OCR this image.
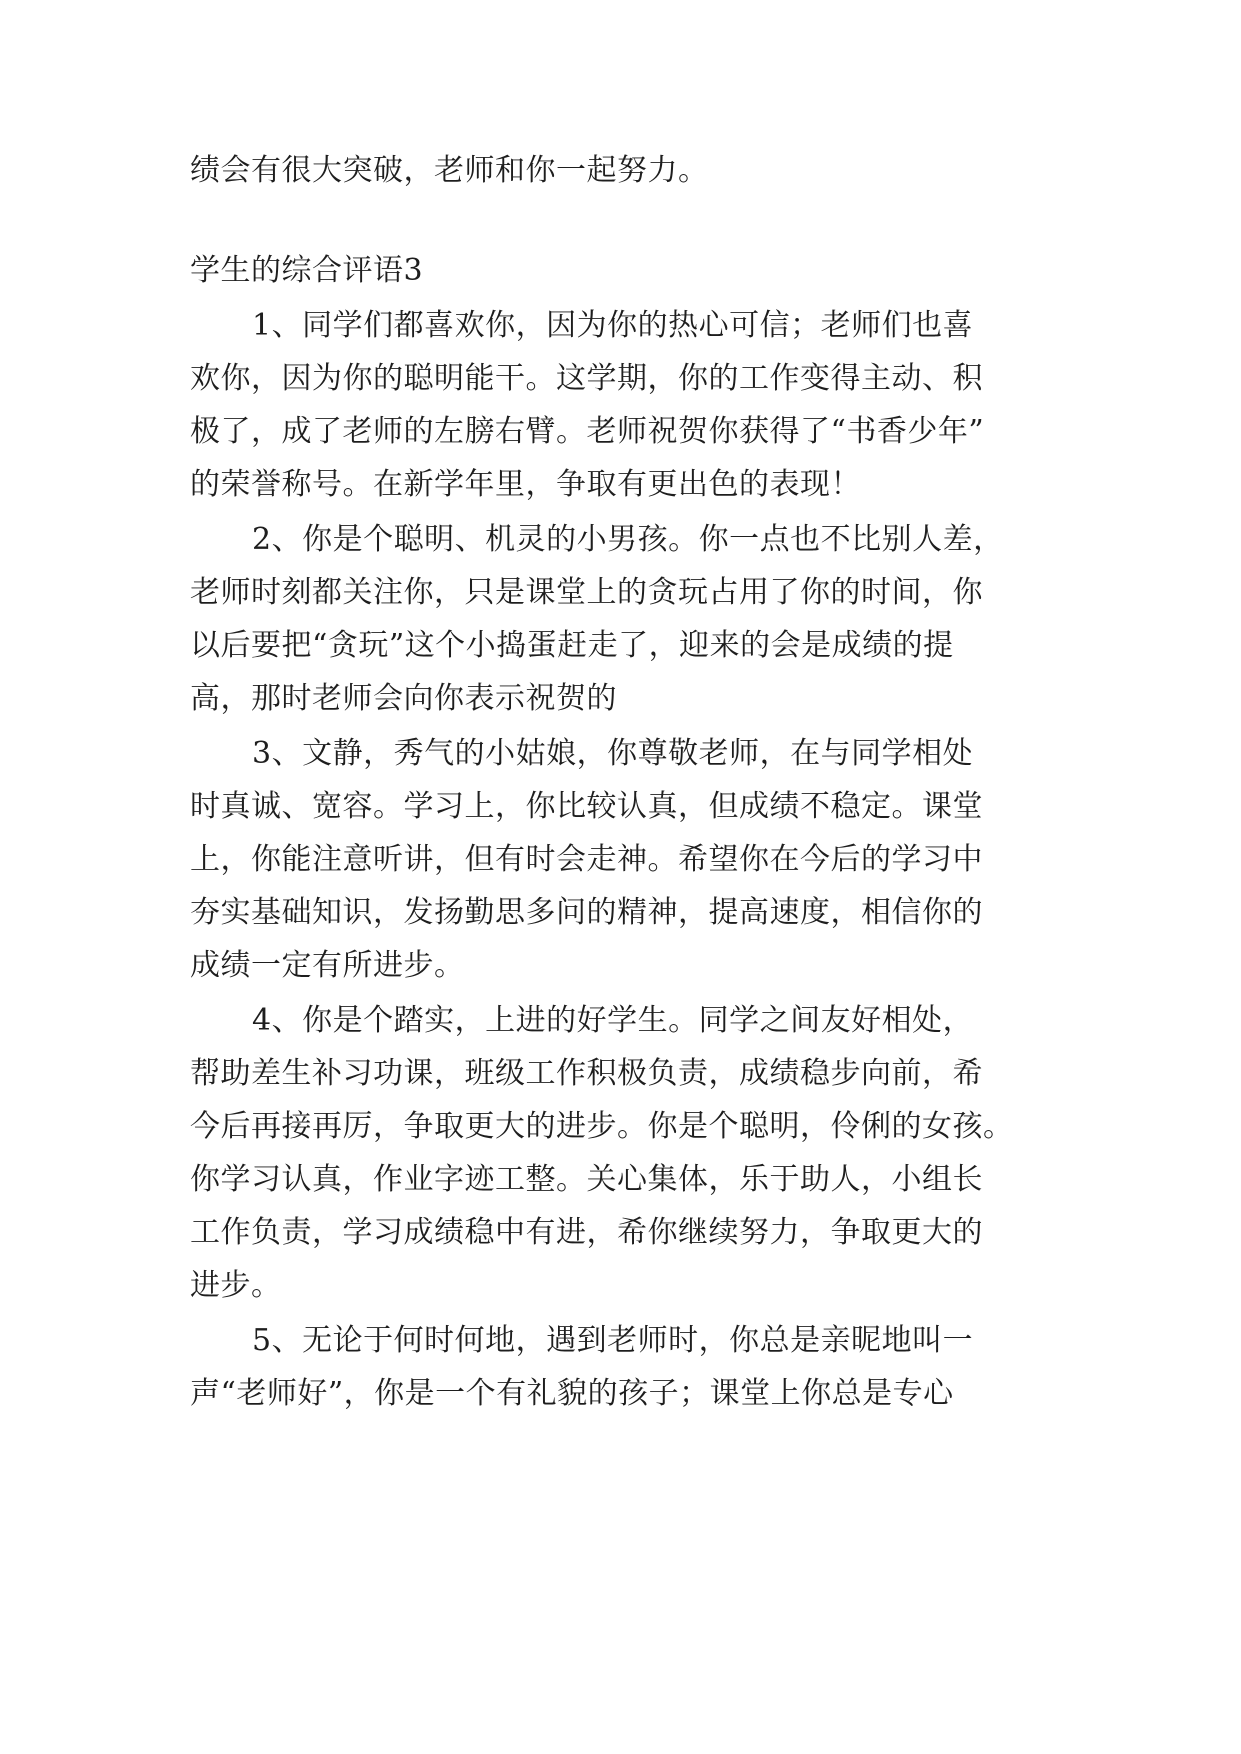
绩会有很大突破，老师和你一起努力。
学生的综合评语3
1、同学们都喜欢你，因为你的热心可信；老师们也喜
欢你，因为你的聪明能干。这学期，你的工作变得主动、积
极了，成了老师的左膀右臂。老师祝贺你获得了“书香少年”
的荣誉称号。在新学年里，争取有更出色的表现！
2、你是个聪明、机灵的小男孩。你一点也不比别人差，
老师时刻都关注你，只是课堂上的贪玩占用了你的时间，你
以后要把“贪玩”这个小捣蛋赶走了，迎来的会是成绩的提
高，那时老师会向你表示祝贺的
3、文静，秀气的小姑娘，你尊敬老师，在与同学相处
时真诚、宽容。学习上，你比较认真，但成绩不稳定。课堂
上，你能注意听讲，但有时会走神。希望你在今后的学习中
夯实基础知识，发扬勤思多问的精神，提高速度，相信你的
成绩一定有所进步。
4、你是个踏实，上进的好学生。同学之间友好相处，
帮助差生补习功课，班级工作积极负责，成绩稳步向前，希
今后再接再厉，争取更大的进步。你是个聪明，伶俐的女孩。
你学习认真，作业字迹工整。关心集体，乐于助人，小组长
工作负责，学习成绩稳中有进，希你继续努力，争取更大的
进步。
5、无论于何时何地，遇到老师时，你总是亲昵地叫一
声“老师好”，你是一个有礼貌的孩子；课堂上你总是专心
